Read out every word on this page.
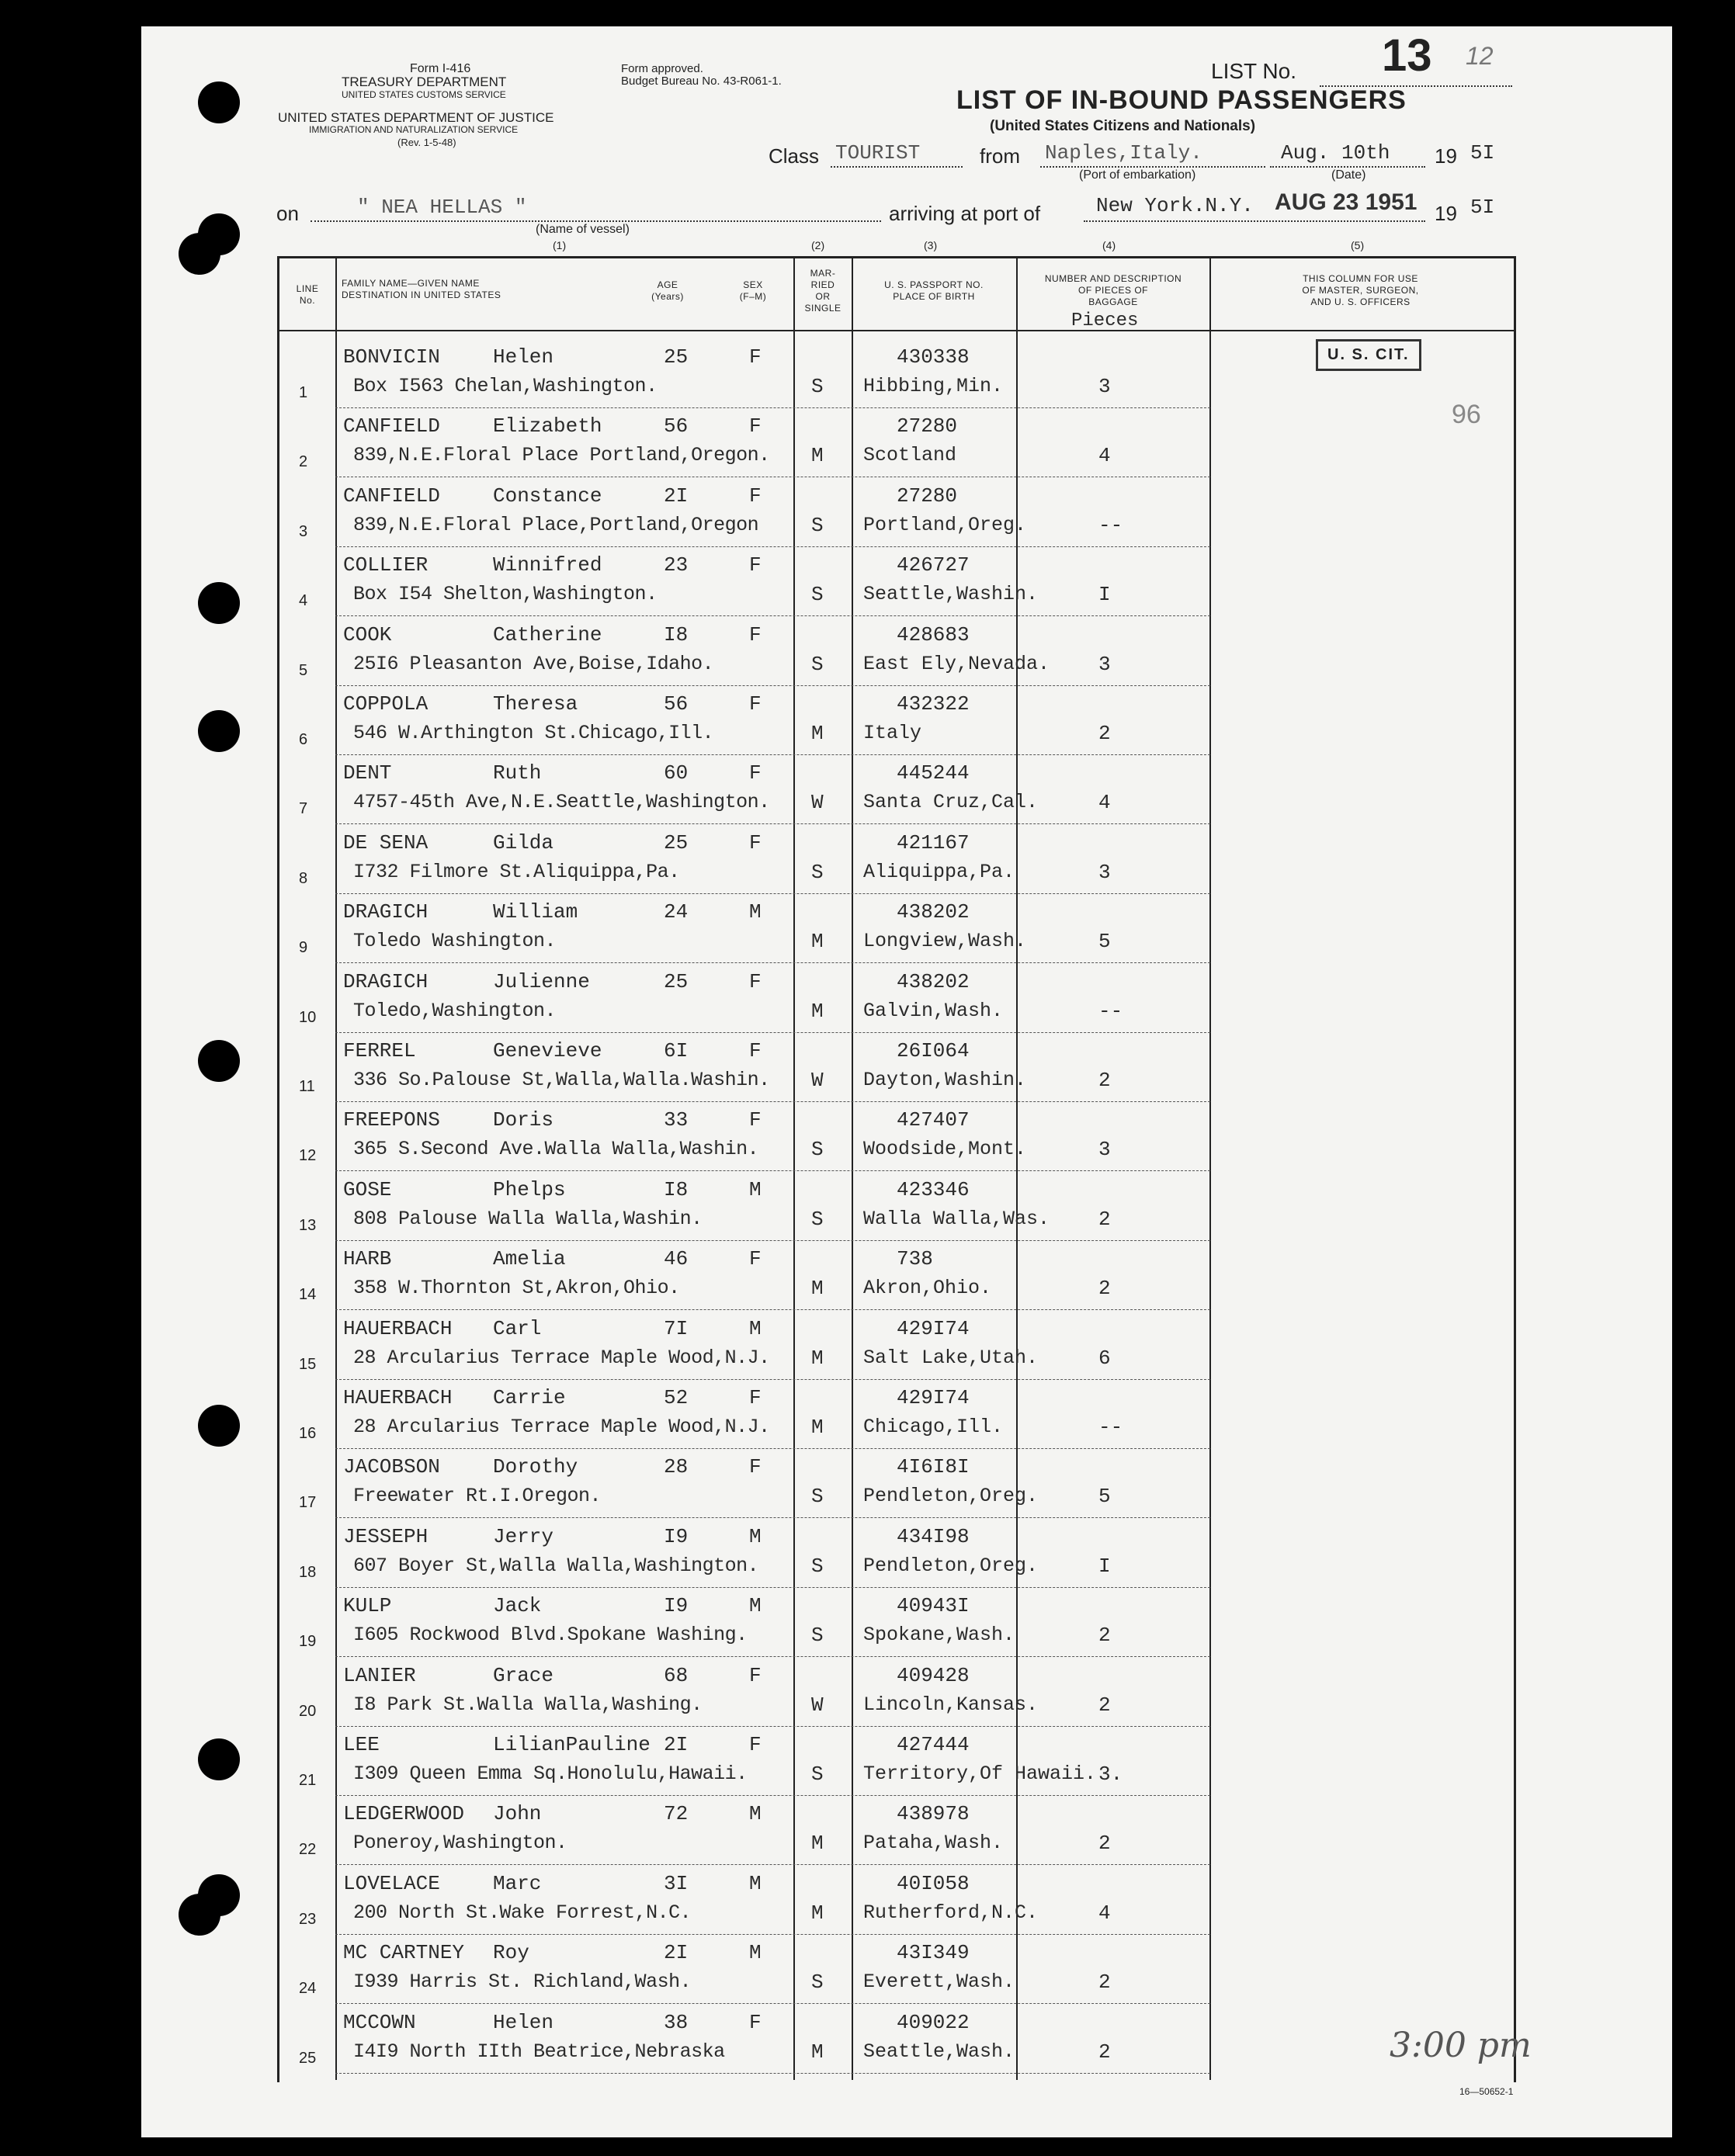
Form I-416
TREASURY DEPARTMENT
UNITED STATES CUSTOMS SERVICE
UNITED STATES DEPARTMENT OF JUSTICE
IMMIGRATION AND NATURALIZATION SERVICE
(Rev. 1-5-48)
Form approved.
Budget Bureau No. 43-R061-1.	LIST No. 13 12
LIST OF IN-BOUND PASSENGERS
(United States Citizens and Nationals)
Class TOURIST	from Naples,Italy.
(Port of embarkation)
Aug. 10th
(Date)
19 5I
on	" NEA HELLAS "
(Name of vessel)
(1)
arriving at port of	New York.N.Y. AUG 23 1951 19 5I
(2)	(3)	(4)	(5)
LINE
No.
FAMILY NAME—GIVEN NAME
DESTINATION IN UNITED STATES
AGE
(Years)
SEX
(F–M)
MAR-
RIED
OR
SINGLE
U. S. PASSPORT NO.
PLACE OF BIRTH
NUMBER AND DESCRIPTION
OF PIECES OF
BAGGAGE
Pieces
THIS COLUMN FOR USE
OF MASTER, SURGEON,
AND U. S. OFFICERS
U. S. CIT.
96
3:00 pm
16—50652-1
BONVICIN	Helen	25	F
Box I563 Chelan,Washington.	S
430338
Hibbing,Min.	3
1
CANFIELD	Elizabeth	56	F
839,N.E.Floral Place Portland,Oregon. M
27280
Scotland	4
2
CANFIELD	Constance	2I	F
839,N.E.Floral Place,Portland,Oregon	S
27280
Portland,Oreg.	--
3
COLLIER	Winnifred	23	F
Box I54 Shelton,Washington.	S
426727
Seattle,Washin.	I
4
COOK	Catherine	I8	F
25I6 Pleasanton Ave,Boise,Idaho.	S
428683
East Ely,Nevada. 3
5
COPPOLA	Theresa	56	F
546 W.Arthington St.Chicago,Ill.	M
432322
Italy	2
6
DENT	Ruth	60	F
4757-45th Ave,N.E.Seattle,Washington. W
445244
Santa Cruz,Cal.	4
7
DE SENA	Gilda	25	F
I732 Filmore St.Aliquippa,Pa.	S
421167
Aliquippa,Pa.	3
8
DRAGICH	William	24	M
Toledo Washington.	M
438202
Longview,Wash.	5
9
DRAGICH	Julienne	25	F
Toledo,Washington.	M
438202
Galvin,Wash.	--
10
FERREL	Genevieve	6I	F
336 So.Palouse St,Walla,Walla.Washin. W
26I064
Dayton,Washin.	2
11
FREEPONS	Doris	33	F
365 S.Second Ave.Walla Walla,Washin.	S
427407
Woodside,Mont.	3
12
GOSE	Phelps	I8	M
808 Palouse Walla Walla,Washin.	S
423346
Walla Walla,Was. 2
13
HARB	Amelia	46	F
358 W.Thornton St,Akron,Ohio.	M
738
Akron,Ohio.	2
14
HAUERBACH Carl	7I	M
28 Arcularius Terrace Maple Wood,N.J. M
429I74
Salt Lake,Utah.	6
15
HAUERBACH Carrie	52	F
28 Arcularius Terrace Maple Wood,N.J. M
429I74
Chicago,Ill.	--
16
JACOBSON	Dorothy	28	F
Freewater Rt.I.Oregon.	S
4I6I8I
Pendleton,Oreg.	5
17
JESSEPH	Jerry	I9	M
607 Boyer St,Walla Walla,Washington.	S
434I98
Pendleton,Oreg.	I
18
KULP	Jack	I9	M
I605 Rockwood Blvd.Spokane Washing.	S
40943I
Spokane,Wash.	2
19
LANIER	Grace	68	F
I8 Park St.Walla Walla,Washing.	W
409428
Lincoln,Kansas.	2
20
LEE	LilianPauline 2I	F
I309 Queen Emma Sq.Honolulu,Hawaii.	S
427444
Territory,Of Hawaii. 3.
21
LEDGERWOOD John	72	M
Poneroy,Washington.	M
438978
Pataha,Wash.	2
22
LOVELACE	Marc	3I	M
200 North St.Wake Forrest,N.C.	M
40I058
Rutherford,N.C.	4
23
MC CARTNEY Roy	2I	M
I939 Harris St. Richland,Wash.	S
43I349
Everett,Wash.	2
24
MCCOWN	Helen	38	F
I4I9 North IIth Beatrice,Nebraska	M
409022
Seattle,Wash.	2
25
